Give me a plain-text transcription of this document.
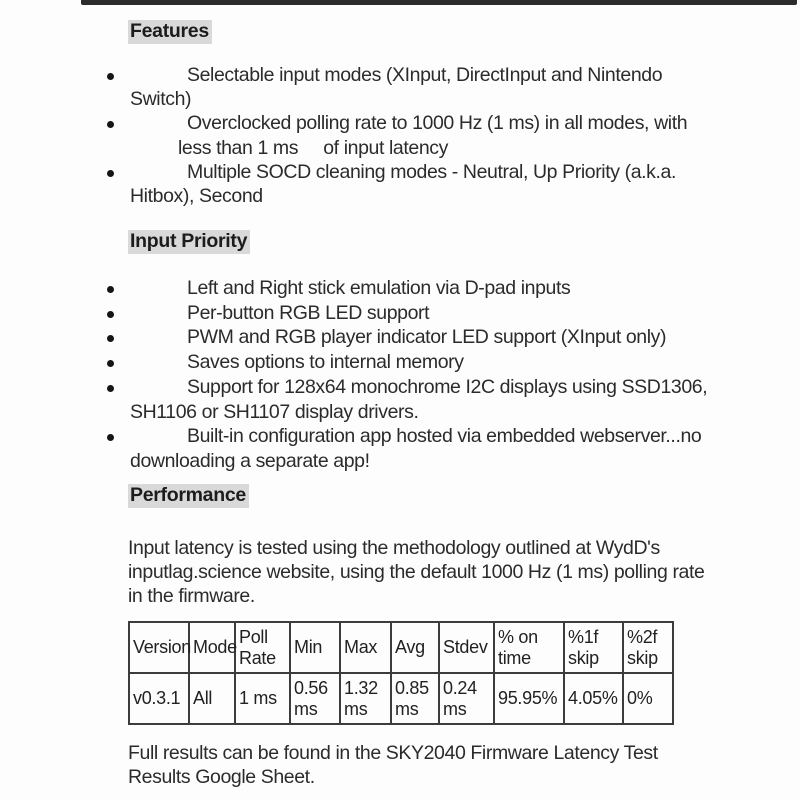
Features
Selectable input modes (XInput, DirectInput and Nintendo
Switch)
Overclocked polling rate to 1000 Hz (1 ms) in all modes, with
less than 1 ms     of input latency
Multiple SOCD cleaning modes - Neutral, Up Priority (a.k.a.
Hitbox), Second
Input Priority
Left and Right stick emulation via D-pad inputs
Per-button RGB LED support
PWM and RGB player indicator LED support (XInput only)
Saves options to internal memory
Support for 128x64 monochrome I2C displays using SSD1306,
SH1106 or SH1107 display drivers.
Built-in configuration app hosted via embedded webserver...no
downloading a separate app!
Performance
Input latency is tested using the methodology outlined at WydD's
inputlag.science website, using the default 1000 Hz (1 ms) polling rate
in the firmware.
Version	Mode	Poll Rate	Min	Max	Avg	Stdev	% on time	%1f skip	%2f skip
v0.3.1	All	1 ms	0.56 ms	1.32 ms	0.85 ms	0.24 ms	95.95%	4.05%	0%
Full results can be found in the SKY2040 Firmware Latency Test
Results Google Sheet.
